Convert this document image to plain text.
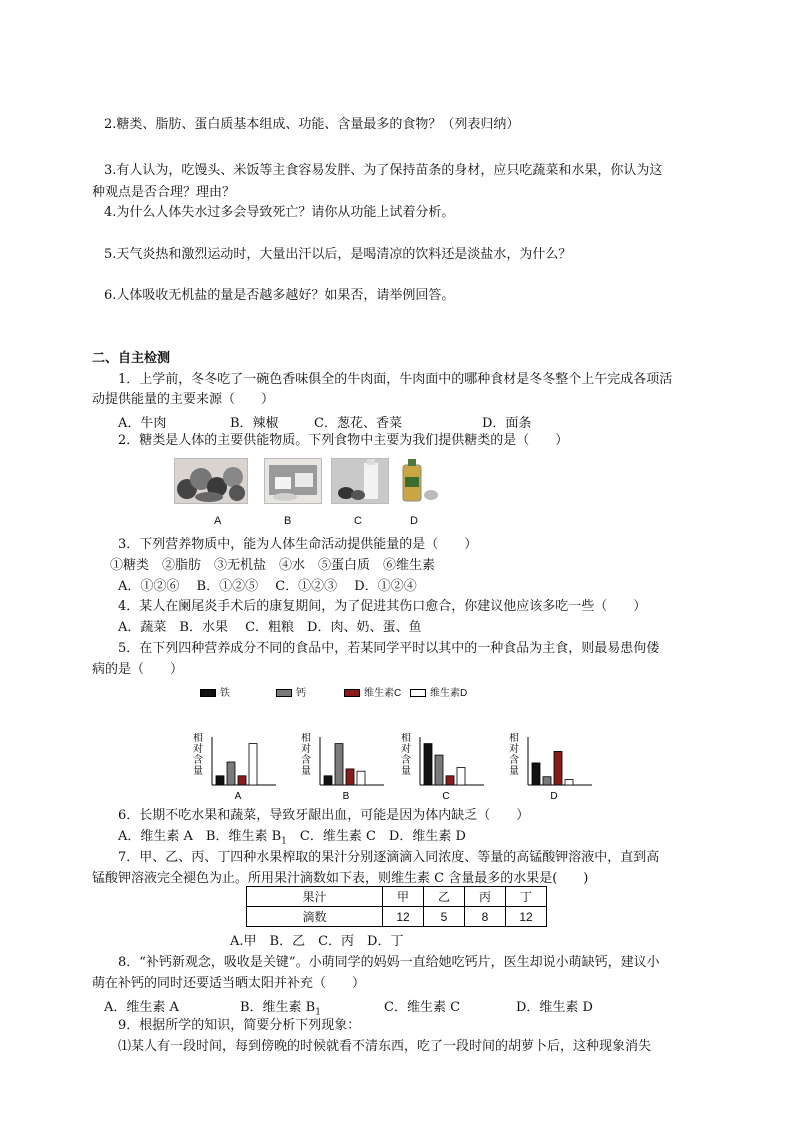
2.糖类、脂肪、蛋白质基本组成、功能、含量最多的食物？（列表归纳）
3.有人认为，吃馒头、米饭等主食容易发胖、为了保持苗条的身材，应只吃蔬菜和水果，你认为这
种观点是否合理？理由？
4.为什么人体失水过多会导致死亡？请你从功能上试着分析。
5.天气炎热和激烈运动时，大量出汗以后，是喝清凉的饮料还是淡盐水，为什么？
6.人体吸收无机盐的量是否越多越好？如果否，请举例回答。
二、自主检测
1．上学前，冬冬吃了一碗色香味俱全的牛肉面，牛肉面中的哪种食材是冬冬整个上午完成各项活
动提供能量的主要来源（　　）
A．牛肉	B．辣椒	C．葱花、香菜	D．面条
2．糖类是人体的主要供能物质。下列食物中主要为我们提供糖类的是（　　）
A	B	C	D
3．下列营养物质中，能为人体生命活动提供能量的是（　　）
①糖类　②脂肪　③无机盐　④水　⑤蛋白质　⑥维生素
A．①②⑥　 B．①②⑤　 C．①②③　 D．①②④
4．某人在阑尾炎手术后的康复期间，为了促进其伤口愈合，你建议他应该多吃一些（　　）
A．蔬菜　B．水果　 C．粗粮　D．肉、奶、蛋、鱼
5．在下列四种营养成分不同的食品中，若某同学平时以其中的一种食品为主食，则最易患佝偻
病的是（　　）
铁	钙	维生素C	维生素D
相
对
含
量
A
相
对
含
量
B
相
对
含
量
C
相
对
含
量
D
6．长期不吃水果和蔬菜，导致牙龈出血，可能是因为体内缺乏（　　）
A．维生素 A　B．维生素 $B_1$　C．维生素 C　D．维生素 D
7．甲、乙、丙、丁四种水果榨取的果汁分别逐滴滴入同浓度、等量的高锰酸钾溶液中，直到高
锰酸钾溶液完全褪色为止。所用果汁滴数如下表，则维生素 C 含量最多的水果是(　　)
果汁	甲	乙	丙	丁
滴数	12	5	8	12
A.甲　B．乙　C．丙　D．丁
8．“补钙新观念，吸收是关键”。小萌同学的妈妈一直给她吃钙片，医生却说小萌缺钙，建议小
萌在补钙的同时还要适当晒太阳并补充（　　）
A．维生素 A	B．维生素 $B_1$	C．维生素 C	D．维生素 D
9．根据所学的知识，简要分析下列现象：
⑴某人有一段时间，每到傍晚的时候就看不清东西，吃了一段时间的胡萝卜后，这种现象消失
